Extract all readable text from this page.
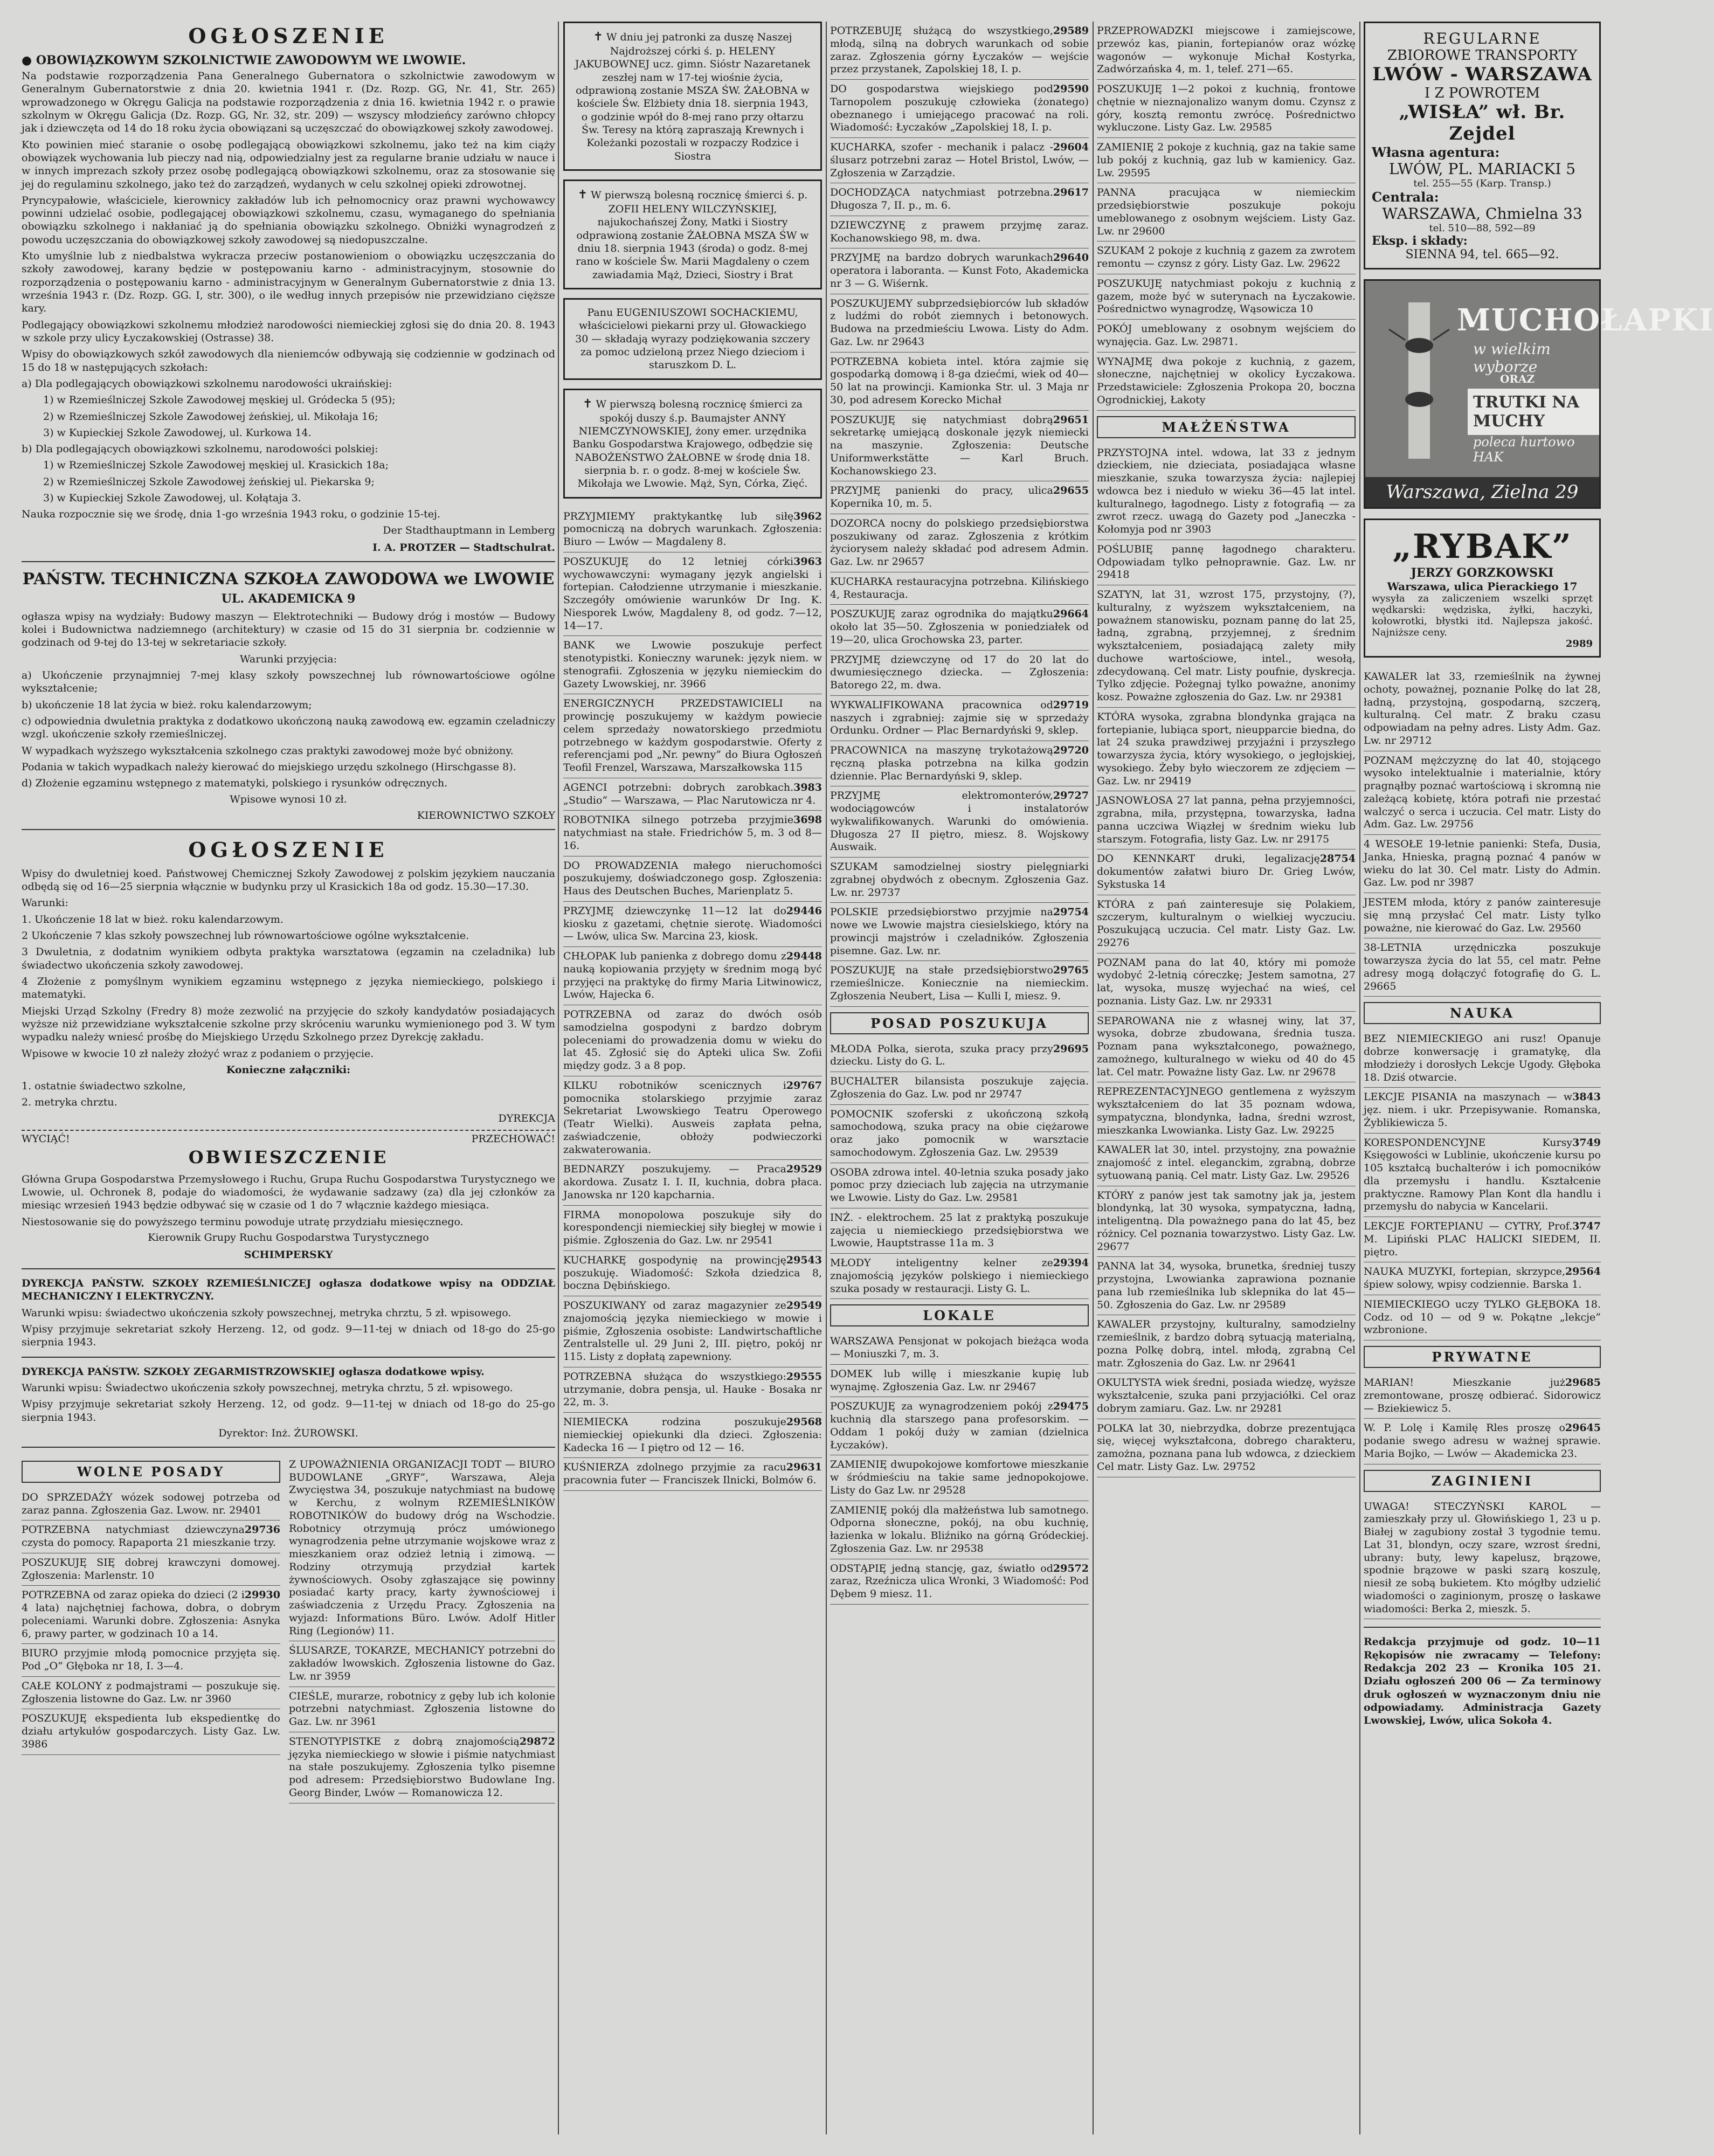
OGŁOSZENIE
● OBOWIĄZKOWYM SZKOLNICTWIE ZAWODOWYM WE LWOWIE.

Na podstawie rozporządzenia Pana Generalnego Gubernatora o szkolnictwie zawodowym w Generalnym Gubernatorstwie z dnia 20. kwietnia 1941 r. (Dz. Rozp. GG, Nr. 41, Str. 265) wprowadzonego w Okręgu Galicja na podstawie rozporządzenia z dnia 16. kwietnia 1942 r. o prawie szkolnym w Okręgu Galicja (Dz. Rozp. GG, Nr. 32, str. 209) — wszyscy młodzieńcy zarówno chłopcy jak i dziewczęta od 14 do 18 roku życia obowiązani są uczęszczać do obowiązkowej szkoły zawodowej.

Kto powinien mieć staranie o osobę podlegającą obowiązkowi szkolnemu, jako też na kim ciąży obowiązek wychowania lub pieczy nad nią, odpowiedzialny jest za regularne branie udziału w nauce i w innych imprezach szkoły przez osobę podlegającą obowiązkowi szkolnemu, oraz za stosowanie się jej do regulaminu szkolnego, jako też do zarządzeń, wydanych w celu szkolnej opieki zdrowotnej.

Pryncypałowie, właściciele, kierownicy zakładów lub ich pełnomocnicy oraz prawni wychowawcy powinni udzielać osobie, podlegającej obowiązkowi szkolnemu, czasu, wymaganego do spełniania obowiązku szkolnego i nakłaniać ją do spełniania obowiązku szkolnego. Obniżki wynagrodzeń z powodu uczęszczania do obowiązkowej szkoły zawodowej są niedopuszczalne.

Kto umyślnie lub z niedbalstwa wykracza przeciw postanowieniom o obowiązku uczęszczania do szkoły zawodowej, karany będzie w postępowaniu karno - administracyjnym, stosownie do rozporządzenia o postępowaniu karno - administracyjnym w Generalnym Gubernatorstwie z dnia 13. września 1943 r. (Dz. Rozp. GG. I, str. 300), o ile według innych przepisów nie przewidziano cięższe kary.

Podlegający obowiązkowi szkolnemu młodzież narodowości niemieckiej zgłosi się do dnia 20. 8. 1943 w szkole przy ulicy Łyczakowskiej (Ostrasse) 38.

Wpisy do obowiązkowych szkół zawodowych dla nieniemców odbywają się codziennie w godzinach od 15 do 18 w następujących szkołach:

a) Dla podlegających obowiązkowi szkolnemu narodowości ukraińskiej:

1) w Rzemieślniczej Szkole Zawodowej męskiej ul. Gródecka 5 (95);

2) w Rzemieślniczej Szkole Zawodowej żeńskiej, ul. Mikołaja 16;

3) w Kupieckiej Szkole Zawodowej, ul. Kurkowa 14.

b) Dla podlegających obowiązkowi szkolnemu, narodowości polskiej:

1) w Rzemieślniczej Szkole Zawodowej męskiej ul. Krasickich 18a;

2) w Rzemieślniczej Szkole Zawodowej żeńskiej ul. Piekarska 9;

3) w Kupieckiej Szkole Zawodowej, ul. Kołątaja 3.

Nauka rozpocznie się we środę, dnia 1-go września 1943 roku, o godzinie 15-tej.

Der Stadthauptmann in Lemberg
I. A. PROTZER — Stadtschulrat.
PAŃSTW. TECHNICZNA SZKOŁA ZAWODOWA we LWOWIE
UL. AKADEMICKA 9

ogłasza wpisy na wydziały: Budowy maszyn — Elektrotechniki — Budowy dróg i mostów — Budowy kolei i Budownictwa nadziemnego (architektury) w czasie od 15 do 31 sierpnia br. codziennie w godzinach od 9-tej do 13-tej w sekretariacie szkoły.

Warunki przyjęcia:

a) Ukończenie przynajmniej 7-mej klasy szkoły powszechnej lub równowartościowe ogólne wykształcenie;

b) ukończenie 18 lat życia w bież. roku kalendarzowym;

c) odpowiednia dwuletnia praktyka z dodatkowo ukończoną nauką zawodową ew. egzamin czeladniczy wzgl. ukończenie szkoły rzemieślniczej.

W wypadkach wyższego wykształcenia szkolnego czas praktyki zawodowej może być obniżony.

Podania w takich wypadkach należy kierować do miejskiego urzędu szkolnego (Hirschgasse 8).

d) Złożenie egzaminu wstępnego z matematyki, polskiego i rysunków odręcznych.

Wpisowe wynosi 10 zł.

KIEROWNICTWO SZKOŁY
OGŁOSZENIE

Wpisy do dwuletniej koed. Państwowej Chemicznej Szkoły Zawodowej z polskim językiem nauczania odbędą się od 16—25 sierpnia włącznie w budynku przy ul Krasickich 18a od godz. 15.30—17.30.

Warunki:

1. Ukończenie 18 lat w bież. roku kalendarzowym.

2 Ukończenie 7 klas szkoły powszechnej lub równowartościowe ogólne wykształcenie.

3 Dwuletnia, z dodatnim wynikiem odbyta praktyka warsztatowa (egzamin na czeladnika) lub świadectwo ukończenia szkoły zawodowej.

4 Złożenie z pomyślnym wynikiem egzaminu wstępnego z języka niemieckiego, polskiego i matematyki.

Miejski Urząd Szkolny (Fredry 8) może zezwolić na przyjęcie do szkoły kandydatów posiadających wyższe niż przewidziane wykształcenie szkolne przy skróceniu warunku wymienionego pod 3. W tym wypadku należy wniesć prośbę do Miejskiego Urzędu Szkolnego przez Dyrekcję zakładu.

Wpisowe w kwocie 10 zł należy złożyć wraz z podaniem o przyjęcie.

Konieczne załączniki:

1. ostatnie świadectwo szkolne,

2. metryka chrztu.

DYREKCJA
WYCIĄĆ!	PRZECHOWAĆ!
OBWIESZCZENIE

Główna Grupa Gospodarstwa Przemysłowego i Ruchu, Grupa Ruchu Gospodarstwa Turystycznego we Lwowie, ul. Ochronek 8, podaje do wiadomości, że wydawanie sadzawy (za) dla jej członków za miesiąc wrzesień 1943 będzie odbywać się w czasie od 1 do 7 włącznie każdego miesiąca.

Niestosowanie się do powyższego terminu powoduje utratę przydziału miesięcznego.

Kierownik Grupy Ruchu Gospodarstwa Turystycznego
SCHIMPERSKY

DYREKCJA PAŃSTW. SZKOŁY RZEMIEŚLNICZEJ ogłasza dodatkowe wpisy na ODDZIAŁ MECHANICZNY I ELEKTRYCZNY.

Warunki wpisu: świadectwo ukończenia szkoły powszechnej, metryka chrztu, 5 zł. wpisowego.

Wpisy przyjmuje sekretariat szkoły Herzeng. 12, od godz. 9—11-tej w dniach od 18-go do 25-go sierpnia 1943.

DYREKCJA PAŃSTW. SZKOŁY ZEGARMISTRZOWSKIEJ ogłasza dodatkowe wpisy.

Warunki wpisu: Świadectwo ukończenia szkoły powszechnej, metryka chrztu, 5 zł. wpisowego.

Wpisy przyjmuje sekretariat szkoły Herzeng. 12, od godz. 9—11-tej w dniach od 18-go do 25-go sierpnia 1943.

Dyrektor: Inż. ŻUROWSKI.
WOLNE POSADY
DO SPRZEDAŻY wózek sodowej potrzeba od zaraz panna. Zgłoszenia Gaz. Lwow. nr. 29401
29736
POTRZEBNA natychmiast dziewczyna czysta do pomocy. Rapaporta 21 mieszkanie trzy.
POSZUKUJĘ SIĘ dobrej krawczyni domowej. Zgłoszenia: Marlenstr. 10
29930
POTRZEBNA od zaraz opieka do dzieci (2 i 4 lata) najchętniej fachowa, dobra, o dobrym poleceniami. Warunki dobre. Zgłoszenia: Asnyka 6, prawy parter, w godzinach 10 a 14.
BIURO przyjmie młodą pomocnice przyjęta się. Pod „O” Głęboka nr 18, I. 3—4.
CAŁE KOLONY z podmajstrami — poszukuje się. Zgłoszenia listowne do Gaz. Lw. nr 3960
POSZUKUJĘ ekspedienta lub ekspedientkę do działu artykułów gospodarczych. Listy Gaz. Lw. 3986
Z UPOWAŻNIENIA ORGANIZACJI TODT — BIURO BUDOWLANE „GRYF”, Warszawa, Aleja Zwycięstwa 34, poszukuje natychmiast na budowę w Kerchu, z wolnym RZEMIEŚLNIKÓW ROBOTNIKÓW do budowy dróg na Wschodzie. Robotnicy otrzymują prócz umówionego wynagrodzenia pełne utrzymanie wojskowe wraz z mieszkaniem oraz odzież letnią i zimową. — Rodziny otrzymują przydział kartek żywnościowych. Osoby zgłaszające się powinny posiadać karty pracy, karty żywnościowej i zaświadczenia z Urzędu Pracy. Zgłoszenia na wyjazd: Informations Büro. Lwów. Adolf Hitler Ring (Legionów) 11.
ŚLUSARZE, TOKARZE, MECHANICY potrzebni do zakładów lwowskich. Zgłoszenia listowne do Gaz. Lw. nr 3959
CIEŚLE, murarze, robotnicy z gęby lub ich kolonie potrzebni natychmiast. Zgłoszenia listowne do Gaz. Lw. nr 3961
29872
STENOTYPISTKE z dobrą znajomością języka niemieckiego w słowie i piśmie natychmiast na stałe poszukujemy. Zgłoszenia tylko pisemne pod adresem: Przedsiębiorstwo Budowlane Ing. Georg Binder, Lwów — Romanowicza 12.
✝ W dniu jej patronki za duszę Naszej Najdroższej córki ś. p. HELENY JAKUBOWNEJ ucz. gimn. Sióstr Nazaretanek zeszłej nam w 17-tej wiośnie życia, odprawioną zostanie MSZA ŚW. ŻAŁOBNA w kościele Św. Elżbiety dnia 18. sierpnia 1943, o godzinie wpół do 8-mej rano przy ołtarzu Św. Teresy na którą zapraszają Krewnych i Koleżanki pozostali w rozpaczy Rodzice i Siostra
✝ W pierwszą bolesną rocznicę śmierci ś. p. ZOFII HELENY WILCZYŃSKIEJ, najukochańszej Żony, Matki i Siostry odprawioną zostanie ŻAŁOBNA MSZA ŚW w dniu 18. sierpnia 1943 (środa) o godz. 8-mej rano w kościele Św. Marii Magdaleny o czem zawiadamia Mąż, Dzieci, Siostry i Brat
Panu EUGENIUSZOWI SOCHACKIEMU, właścicielowi piekarni przy ul. Głowackiego 30 — składają wyrazy podziękowania szczery za pomoc udzieloną przez Niego dzieciom i staruszkom D. L.
✝ W pierwszą bolesną rocznicę śmierci za spokój duszy ś.p. Baumajster ANNY NIEMCZYNOWSKIEJ, żony emer. urzędnika Banku Gospodarstwa Krajowego, odbędzie się NABOŻEŃSTWO ŻAŁOBNE w środę dnia 18. sierpnia b. r. o godz. 8-mej w kościele Św. Mikołaja we Lwowie. Mąż, Syn, Córka, Zięć.
3962
PRZYJMIEMY praktykantkę lub siłę pomocniczą na dobrych warunkach. Zgłoszenia: Biuro — Lwów — Magdaleny 8.
3963
POSZUKUJĘ do 12 letniej córki wychowawczyni: wymagany język angielski i fortepian. Całodzienne utrzymanie i mieszkanie. Szczegóły omówienie warunków Dr Ing. K. Niesporek Lwów, Magdaleny 8, od godz. 7—12, 14—17.
BANK we Lwowie poszukuje perfect stenotypistki. Konieczny warunek: język niem. w stenografii. Zgłoszenia w języku niemieckim do Gazety Lwowskiej, nr. 3966
ENERGICZNYCH PRZEDSTAWICIELI na prowincję poszukujemy w każdym powiecie celem sprzedaży nowatorskiego przedmiotu potrzebnego w każdym gospodarstwie. Oferty z referencjami pod „Nr. pewny” do Biura Ogłoszeń Teofil Frenzel, Warszawa, Marszałkowska 115
3983
AGENCI potrzebni: dobrych zarobkach. „Studio” — Warszawa, — Plac Narutowicza nr 4.
3698
ROBOTNIKA silnego potrzeba przyjmie natychmiast na stałe. Friedrichów 5, m. 3 od 8—16.
DO PROWADZENIA małego nieruchomości poszukujemy, doświadczonego gosp. Zgłoszenia: Haus des Deutschen Buches, Marienplatz 5.
29446
PRZYJMĘ dziewczynkę 11—12 lat do kiosku z gazetami, chętnie sierotę. Wiadomości — Lwów, ulica Sw. Marcina 23, kiosk.
29448
CHŁOPAK lub panienka z dobrego domu z nauką kopiowania przyjęty w średnim mogą być przyjęci na praktykę do firmy Maria Litwinowicz, Lwów, Hajecka 6.
POTRZEBNA od zaraz do dwóch osób samodzielna gospodyni z bardzo dobrym poleceniami do prowadzenia domu w wieku do lat 45. Zgłosić się do Apteki ulica Sw. Zofii między godz. 3 a 8 pop.
29767
KILKU robotników scenicznych i pomocnika stolarskiego przyjmie zaraz Sekretariat Lwowskiego Teatru Operowego (Teatr Wielki). Ausweis zapłata pełna, zaświadczenie, obłoży podwieczorki zakwaterowania.
29529
BEDNARZY poszukujemy. — Praca akordowa. Zusatz I. I. II, kuchnia, dobra płaca. Janowska nr 120 kapcharnia.
FIRMA monopolowa poszukuje siły do korespondencji niemieckiej siły biegłej w mowie i piśmie. Zgłoszenia do Gaz. Lw. nr 29541
29543
KUCHARKĘ gospodynię na prowincję poszukuję. Wiadomość: Szkoła dziedzica 8, boczna Dębińskiego.
29549
POSZUKIWANY od zaraz magazynier ze znajomością języka niemieckiego w mowie i piśmie, Zgłoszenia osobiste: Landwirtschaftliche Zentralstelle ul. 29 Juni 2, III. piętro, pokój nr 115. Listy z dopłatą zapewniony.
29555
POTRZEBNA służąca do wszystkiego: utrzymanie, dobra pensja, ul. Hauke - Bosaka nr 22, m. 3.
29568
NIEMIECKA rodzina poszukuje niemieckiej opiekunki dla dzieci. Zgłoszenia: Kadecka 16 — I piętro od 12 — 16.
29631
KUŚNIERZA zdolnego przyjmie za racu pracownia futer — Franciszek Ilnicki, Bolmów 6.
29589
POTRZEBUJĘ służącą do wszystkiego, młodą, silną na dobrych warunkach od sobie zaraz. Zgłoszenia górny Łyczaków — wejście przez przystanek, Zapolskiej 18, I. p.
29590
DO gospodarstwa wiejskiego pod Tarnopolem poszukuję człowieka (żonatego) obeznanego i umiejącego pracować na roli. Wiadomość: Łyczaków „Zapolskiej 18, I. p.
29604
KUCHARKA, szofer - mechanik i palacz - ślusarz potrzebni zaraz — Hotel Bristol, Lwów, — Zgłoszenia w Zarządzie.
29617
DOCHODZĄCA natychmiast potrzebna. Długosza 7, II. p., m. 6.
DZIEWCZYNĘ z prawem przyjmę zaraz. Kochanowskiego 98, m. dwa.
29640
PRZYJMĘ na bardzo dobrych warunkach operatora i laboranta. — Kunst Foto, Akademicka nr 3 — G. Wiśernk.
POSZUKUJEMY subprzedsiębiorców lub składów z ludźmi do robót ziemnych i betonowych. Budowa na przedmieściu Lwowa. Listy do Adm. Gaz. Lw. nr 29643
POTRZEBNA kobieta intel. która zajmie się gospodarką domową i 8-ga dziećmi, wiek od 40—50 lat na prowincji. Kamionka Str. ul. 3 Maja nr 30, pod adresem Korecko Michał
29651
POSZUKUJĘ się natychmiast dobrą sekretarkę umiejącą doskonale język niemiecki na maszynie. Zgłoszenia: Deutsche Uniformwerkstätte — Karl Bruch. Kochanowskiego 23.
29655
PRZYJMĘ panienki do pracy, ulica Kopernika 10, m. 5.
DOZORCA nocny do polskiego przedsiębiorstwa poszukiwany od zaraz. Zgłoszenia z krótkim życiorysem należy składać pod adresem Admin. Gaz. Lw. nr 29657
KUCHARKA restauracyjna potrzebna. Kilińskiego 4, Restauracja.
29664
POSZUKUJĘ zaraz ogrodnika do majątku około lat 35—50. Zgłoszenia w poniedziałek od 19—20, ulica Grochowska 23, parter.
PRZYJMĘ dziewczynę od 17 do 20 lat do dwumiesięcznego dziecka. — Zgłoszenia: Batorego 22, m. dwa.
29719
WYKWALIFIKOWANA pracownica od naszych i zgrabniej: zajmie się w sprzedaży Ordunku. Ordner — Plac Bernardyński 9, sklep.
29720
PRACOWNICA na maszynę trykotażową ręczną płaska potrzebna na kilka godzin dziennie. Plac Bernardyński 9, sklep.
29727
PRZYJMĘ elektromonterów, wodociągowców i instalatorów wykwalifikowanych. Warunki do omówienia. Długosza 27 II piętro, miesz. 8. Wojskowy Auswaik.
SZUKAM samodzielnej siostry pielęgniarki zgrabnej obydwóch z obecnym. Zgłoszenia Gaz. Lw. nr. 29737
29754
POLSKIE przedsiębiorstwo przyjmie na nowe we Lwowie majstra ciesielskiego, który na prowincji majstrów i czeladników. Zgłoszenia pisemne. Gaz. Lw. nr.
29765
POSZUKUJĘ na stałe przedsiębiorstwo rzemieślnicze. Koniecznie na niemieckim. Zgłoszenia Neubert, Lisa — Kulli I, miesz. 9.
POSAD POSZUKUJA
29695
MŁODA Polka, sierota, szuka pracy przy dziecku. Listy do G. L.
BUCHALTER bilansista poszukuje zajęcia. Zgłoszenia do Gaz. Lw. pod nr 29747
POMOCNIK szoferski z ukończoną szkołą samochodową, szuka pracy na obie ciężarowe oraz jako pomocnik w warsztacie samochodowym. Zgłoszenia Gaz. Lw. 29539
OSOBA zdrowa intel. 40-letnia szuka posady jako pomoc przy dzieciach lub zajęcia na utrzymanie we Lwowie. Listy do Gaz. Lw. 29581
INŻ. - elektrochem. 25 lat z praktyką poszukuje zajęcia u niemieckiego przedsiębiorstwa we Lwowie, Hauptstrasse 11a m. 3
29394
MŁODY inteligentny kelner ze znajomością języków polskiego i niemieckiego szuka posady w restauracji. Listy G. L.
LOKALE
WARSZAWA Pensjonat w pokojach bieżąca woda — Moniuszki 7, m. 3.
DOMEK lub willę i mieszkanie kupię lub wynajmę. Zgłoszenia Gaz. Lw. nr 29467
29475
POSZUKUJĘ za wynagrodzeniem pokój z kuchnią dla starszego pana profesorskim. — Oddam 1 pokój duży w zamian (dzielnica Łyczaków).
ZAMIENIĘ dwupokojowe komfortowe mieszkanie w śródmieściu na takie same jednopokojowe. Listy do Gaz Lw. nr 29528
ZAMIENIĘ pokój dla małżeństwa lub samotnego. Odporna słoneczne, pokój, na obu kuchnię, łazienka w lokalu. Bliźniko na górną Gródeckiej. Zgłoszenia Gaz. Lw. nr 29538
29572
ODSTĄPIĘ jedną stancję, gaz, światło od zaraz, Rzeźnicza ulica Wronki, 3 Wiadomość: Pod Dębem 9 miesz. 11.
PRZEPROWADZKI miejscowe i zamiejscowe, przewóz kas, pianin, fortepianów oraz wózkę wagonów — wykonuje Michał Kostyrka, Zadwórzańska 4, m. 1, telef. 271—65.
POSZUKUJĘ 1—2 pokoi z kuchnią, frontowe chętnie w nieznajonalizo wanym domu. Czynsz z góry, kosztą remontu zwrócę. Pośrednictwo wykluczone. Listy Gaz. Lw. 29585
ZAMIENIĘ 2 pokoje z kuchnią, gaz na takie same lub pokój z kuchnią, gaz lub w kamienicy. Gaz. Lw. 29595
PANNA pracująca w niemieckim przedsiębiorstwie poszukuje pokoju umeblowanego z osobnym wejściem. Listy Gaz. Lw. nr 29600
SZUKAM 2 pokoje z kuchnią z gazem za zwrotem remontu — czynsz z góry. Listy Gaz. Lw. 29622
POSZUKUJĘ natychmiast pokoju z kuchnią z gazem, może być w suterynach na Łyczakowie. Pośrednictwo wynagrodzę, Wąsowicza 10
POKÓJ umeblowany z osobnym wejściem do wynajęcia. Gaz. Lw. 29871.
WYNAJMĘ dwa pokoje z kuchnią, z gazem, słoneczne, najchętniej w okolicy Łyczakowa. Przedstawiciele: Zgłoszenia Prokopa 20, boczna Ogrodnickiej, Łakoty
MAŁŻEŃSTWA
PRZYSTOJNA intel. wdowa, lat 33 z jednym dzieckiem, nie dzieciata, posiadająca własne mieszkanie, szuka towarzysza życia: najlepiej wdowca bez i nieduło w wieku 36—45 lat intel. kulturalnego, łagodnego. Listy z fotografią — za zwrot rzecz. uwagą do Gazety pod „Janeczka - Kołomyja pod nr 3903
POŚLUBIĘ pannę łagodnego charakteru. Odpowiadam tylko pełnoprawnie. Gaz. Lw. nr 29418
SZATYN, lat 31, wzrost 175, przystojny, (?), kulturalny, z wyższem wykształceniem, na poważnem stanowisku, poznam pannę do lat 25, ładną, zgrabną, przyjemnej, z średnim wykształceniem, posiadającą zalety miły duchowe wartościowe, intel., wesołą, zdecydowaną. Cel matr. Listy poufnie, dyskrecja. Tylko zdjęcie. Pożegnaj tylko poważne, anonimy kosz. Poważne zgłoszenia do Gaz. Lw. nr 29381
KTÓRA wysoka, zgrabna blondynka grająca na fortepianie, lubiąca sport, nieupparcie biedna, do lat 24 szuka prawdziwej przyjaźni i przyszłego towarzysza życia, który wysokiego, o jegłojskiej, wysokiego. Żeby było wieczorem ze zdjęciem — Gaz. Lw. nr 29419
JASNOWŁOSA 27 lat panna, pełna przyjemności, zgrabna, miła, przystępna, towarzyska, ładna panna uczciwa Wiązłej w średnim wieku lub starszym. Fotografia, listy Gaz. Lw. nr 29175
28754
DO KENNKART druki, legalizację dokumentów załatwi biuro Dr. Grieg Lwów, Sykstuska 14
KTÓRA z pań zainteresuje się Polakiem, szczerym, kulturalnym o wielkiej wyczuciu. Poszukującą uczucia. Cel matr. Listy Gaz. Lw. 29276
POZNAM pana do lat 40, który mi pomoże wydobyć 2-letnią córeczkę; Jestem samotna, 27 lat, wysoka, muszę wyjechać na wieś, cel poznania. Listy Gaz. Lw. nr 29331
SEPAROWANA nie z własnej winy, lat 37, wysoka, dobrze zbudowana, średnia tusza. Poznam pana wykształconego, poważnego, zamożnego, kulturalnego w wieku od 40 do 45 lat. Cel matr. Poważne listy Gaz. Lw. nr 29678
REPREZENTACYJNEGO gentlemena z wyższym wykształceniem do lat 35 poznam wdowa, sympatyczna, blondynka, ładna, średni wzrost, mieszkanka Lwowianka. Listy Gaz. Lw. 29225
KAWALER lat 30, intel. przystojny, zna poważnie znajomość z intel. eleganckim, zgrabną, dobrze sytuowaną panią. Cel matr. Listy Gaz. Lw. 29526
KTÓRY z panów jest tak samotny jak ja, jestem blondynką, lat 30 wysoka, sympatyczna, ładną, inteligentną. Dla poważnego pana do lat 45, bez różnicy. Cel poznania towarzystwo. Listy Gaz. Lw. 29677
PANNA lat 34, wysoka, brunetka, średniej tuszy przystojna, Lwowianka zaprawiona poznanie pana lub rzemieślnika lub sklepnika do lat 45—50. Zgłoszenia do Gaz. Lw. nr 29589
KAWALER przystojny, kulturalny, samodzielny rzemieślnik, z bardzo dobrą sytuacją materialną, pozna Polkę dobrą, intel. młodą, zgrabną Cel matr. Zgłoszenia do Gaz. Lw. nr 29641
OKULTYSTA wiek średni, posiada wiedzę, wyższe wykształcenie, szuka pani przyjaciółki. Cel oraz dobrym zamiaru. Gaz. Lw. nr 29281
POLKA lat 30, niebrzydka, dobrze prezentująca się, więcej wykształcona, dobrego charakteru, zamożna, poznana pana lub wdowca, z dzieckiem Cel matr. Listy Gaz. Lw. 29752
REGULARNE
ZBIOROWE TRANSPORTY
LWÓW - WARSZAWA
I Z POWROTEM
„WISŁA” wł. Br. Zejdel
Własna agentura:
LWÓW, PL. MARIACKI 5
tel. 255—55 (Karp. Transp.)
Centrala:
WARSZAWA, Chmielna 33
tel. 510—88, 592—89
Eksp. i składy:
SIENNA 94, tel. 665—92.
MUCHOŁAPKI
w wielkim wyborze
ORAZ
TRUTKI NA MUCHY
poleca hurtowo HAK
Warszawa, Zielna 29
„RYBAK”
JERZY GORZKOWSKI
Warszawa, ulica Pierackiego 17
wysyła za zaliczeniem wszelki sprzęt wędkarski: wędziska, żyłki, haczyki, kołowrotki, błystki itd. Najlepsza jakość. Najniższe ceny.
2989
KAWALER lat 33, rzemieślnik na żywnej ochoty, poważnej, poznanie Polkę do lat 28, ładną, przystojną, gospodarną, szczerą, kulturalną. Cel matr. Z braku czasu odpowiadam na pełny adres. Listy Adm. Gaz. Lw. nr 29712
POZNAM mężczyznę do lat 40, stojącego wysoko intelektualnie i materialnie, który pragnąłby poznać wartościową i skromną nie zależącą kobietę, która potrafi nie przestać walczyć o serca i uczucia. Cel matr. Listy do Adm. Gaz. Lw. 29756
4 WESOŁE 19-letnie panienki: Stefa, Dusia, Janka, Hnieska, pragną poznać 4 panów w wieku do lat 30. Cel matr. Listy do Admin. Gaz. Lw. pod nr 3987
JESTEM młoda, który z panów zainteresuje się mną przysłać Cel matr. Listy tylko poważne, nie kierować do Gaz. Lw. 29560
38-LETNIA urzędniczka poszukuje towarzysza życia do lat 55, cel matr. Pełne adresy mogą dołączyć fotografię do G. L. 29665
NAUKA
BEZ NIEMIECKIEGO ani rusz! Opanuje dobrze konwersację i gramatykę, dla młodzieży i dorosłych Lekcje Ugody. Głęboka 18. Dziś otwarcie.
3843
LEKCJE PISANIA na maszynach — w jęz. niem. i ukr. Przepisywanie. Romanska, Żyblikiewicza 5.
3749
KORESPONDENCYJNE Kursy Księgowości w Lublinie, ukończenie kursu po 105 kształcą buchalterów i ich pomocników dla przemysłu i handlu. Kształcenie praktyczne. Ramowy Plan Kont dla handlu i przemysłu do nabycia w Kancelarii.
3747
LEKCJE FORTEPIANU — CYTRY, Prof. M. Lipiński PLAC HALICKI SIEDEM, II. piętro.
29564
NAUKA MUZYKI, fortepian, skrzypce, śpiew solowy, wpisy codziennie. Barska 1.
NIEMIECKIEGO uczy TYLKO GŁĘBOKA 18. Codz. od 10 — od 9 w. Pokątne „lekcje” wzbronione.
PRYWATNE
29685
MARIAN! Mieszkanie już zremontowane, proszę odbierać. Sidorowicz — Bziekiewicz 5.
29645
W. P. Lolę i Kamilę Rles proszę o podanie swego adresu w ważnej sprawie. Maria Bojko, — Lwów — Akademicka 23.
ZAGINIENI
UWAGA! STECZYŃSKI KAROL — zamieszkały przy ul. Głowińskiego 1, 23 u p. Białej w zagubiony został 3 tygodnie temu. Lat 31, blondyn, oczy szare, wzrost średni, ubrany: buty, lewy kapelusz, brązowe, spodnie brązowe w paski szarą koszulę, niesił ze sobą bukietem. Kto mógłby udzielić wiadomości o zaginionym, proszę o łaskawe wiadomości: Berka 2, mieszk. 5.

Redakcja przyjmuje od godz. 10—11 Rękopisów nie zwracamy — Telefony: Redakcja 202 23 — Kronika 105 21. Działu ogłoszeń 200 06 — Za terminowy druk ogłoszeń w wyznaczonym dniu nie odpowiadamy. Administracja Gazety Lwowskiej, Lwów, ulica Sokoła 4.
